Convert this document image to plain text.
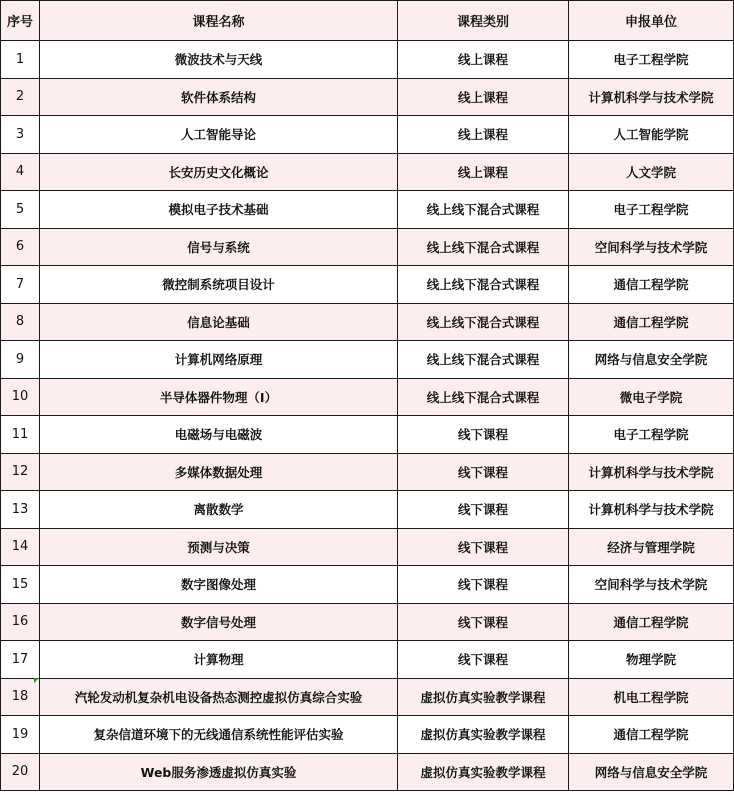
序号	课程名称	课程类别	申报单位
1	微波技术与天线	线上课程	电子工程学院
2	软件体系结构	线上课程	计算机科学与技术学院
3	人工智能导论	线上课程	人工智能学院
4	长安历史文化概论	线上课程	人文学院
5	模拟电子技术基础	线上线下混合式课程	电子工程学院
6	信号与系统	线上线下混合式课程	空间科学与技术学院
7	微控制系统项目设计	线上线下混合式课程	通信工程学院
8	信息论基础	线上线下混合式课程	通信工程学院
9	计算机网络原理	线上线下混合式课程	网络与信息安全学院
10	半导体器件物理（Ⅰ）	线上线下混合式课程	微电子学院
11	电磁场与电磁波	线下课程	电子工程学院
12	多媒体数据处理	线下课程	计算机科学与技术学院
13	离散数学	线下课程	计算机科学与技术学院
14	预测与决策	线下课程	经济与管理学院
15	数字图像处理	线下课程	空间科学与技术学院
16	数字信号处理	线下课程	通信工程学院
17	计算物理	线下课程	物理学院
18	汽轮发动机复杂机电设备热态测控虚拟仿真综合实验	虚拟仿真实验教学课程	机电工程学院
19	复杂信道环境下的无线通信系统性能评估实验	虚拟仿真实验教学课程	通信工程学院
20	Web服务渗透虚拟仿真实验	虚拟仿真实验教学课程	网络与信息安全学院
